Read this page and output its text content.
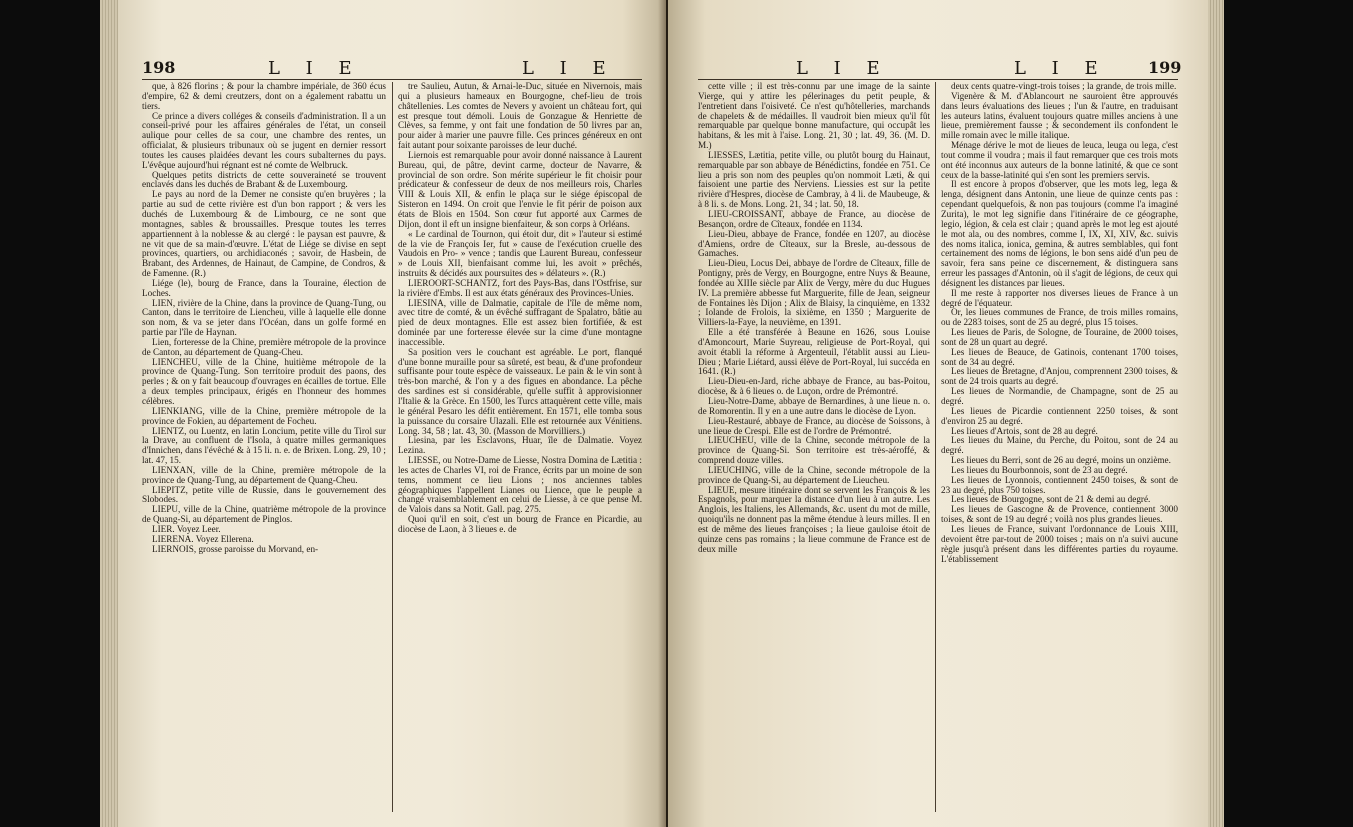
198	L I E	L I E

que, à 826 florins ; & pour la chambre impériale, de 360 écus d'empire, 62 & demi creutzers, dont on a également rabattu un tiers.

Ce prince a divers colléges & conseils d'administration. Il a un conseil-privé pour les affaires générales de l'état, un conseil aulique pour celles de sa cour, une chambre des rentes, un officialat, & plusieurs tribunaux où se jugent en dernier ressort toutes les causes plaidées devant les cours subalternes du pays. L'évêque aujourd'hui régnant est né comte de Welbruck.

Quelques petits districts de cette souveraineté se trouvent enclavés dans les duchés de Brabant & de Luxembourg.

Le pays au nord de la Demer ne consiste qu'en bruyères ; la partie au sud de cette rivière est d'un bon rapport ; & vers les duchés de Luxembourg & de Limbourg, ce ne sont que montagnes, sables & broussailles. Presque toutes les terres appartiennent à la noblesse & au clergé : le paysan est pauvre, & ne vit que de sa main-d'œuvre. L'état de Liége se divise en sept provinces, quartiers, ou archidiaconés ; savoir, de Hasbein, de Brabant, des Ardennes, de Hainaut, de Campine, de Condros, & de Famenne. (R.)

Liége (le), bourg de France, dans la Touraine, élection de Loches.

LIEN, rivière de la Chine, dans la province de Quang-Tung, ou Canton, dans le territoire de Liencheu, ville à laquelle elle donne son nom, & va se jeter dans l'Océan, dans un golfe formé en partie par l'île de Haynan.

Lien, forteresse de la Chine, première métropole de la province de Canton, au département de Quang-Cheu.

LIENCHEU, ville de la Chine, huitième métropole de la province de Quang-Tung. Son territoire produit des paons, des perles ; & on y fait beaucoup d'ouvrages en écailles de tortue. Elle a deux temples principaux, érigés en l'honneur des hommes célèbres.

LIENKIANG, ville de la Chine, première métropole de la province de Fokien, au département de Focheu.

LIENTZ, ou Luentz, en latin Loncium, petite ville du Tirol sur la Drave, au confluent de l'Isola, à quatre milles germaniques d'Innichen, dans l'évêché & à 15 li. n. e. de Brixen. Long. 29, 10 ; lat. 47, 15.

LIENXAN, ville de la Chine, première métropole de la province de Quang-Tung, au département de Quang-Cheu.

LIEPITZ, petite ville de Russie, dans le gouvernement des Slobodes.

LIEPU, ville de la Chine, quatrième métropole de la province de Quang-Si, au département de Pinglos.

LIER. Voyez Leer.

LIERENA. Voyez Ellerena.

LIERNOIS, grosse paroisse du Morvand, en-

tre Saulieu, Autun, & Arnai-le-Duc, située en Nivernois, mais qui a plusieurs hameaux en Bourgogne, chef-lieu de trois châtellenies. Les comtes de Nevers y avoient un château fort, qui est presque tout démoli. Louis de Gonzague & Henriette de Clèves, sa femme, y ont fait une fondation de 50 livres par an, pour aider à marier une pauvre fille. Ces princes généreux en ont fait autant pour soixante paroisses de leur duché.

Liernois est remarquable pour avoir donné naissance à Laurent Bureau, qui, de pâtre, devint carme, docteur de Navarre, & provincial de son ordre. Son mérite supérieur le fit choisir pour prédicateur & confesseur de deux de nos meilleurs rois, Charles VIII & Louis XII, & enfin le plaça sur le siége épiscopal de Sisteron en 1494. On croit que l'envie le fit périr de poison aux états de Blois en 1504. Son cœur fut apporté aux Carmes de Dijon, dont il eft un insigne bienfaiteur, & son corps à Orléans.

« Le cardinal de Tournon, qui étoit dur, dit » l'auteur si estimé de la vie de François Ier, fut » cause de l'exécution cruelle des Vaudois en Pro- » vence ; tandis que Laurent Bureau, confesseur » de Louis XII, bienfaisant comme lui, les avoit » prêchés, instruits & décidés aux poursuites des » délateurs ». (R.)

LIEROORT-SCHANTZ, fort des Pays-Bas, dans l'Ostfrise, sur la rivière d'Embs. Il est aux états généraux des Provinces-Unies.

LIESINA, ville de Dalmatie, capitale de l'île de même nom, avec titre de comté, & un évêché suffragant de Spalatro, bâtie au pied de deux montagnes. Elle est assez bien fortifiée, & est dominée par une forteresse élevée sur la cime d'une montagne inaccessible.

Sa position vers le couchant est agréable. Le port, flanqué d'une bonne muraille pour sa sûreté, est beau, & d'une profondeur suffisante pour toute espèce de vaisseaux. Le pain & le vin sont à très-bon marché, & l'on y a des figues en abondance. La pêche des sardines est si considérable, qu'elle suffit à approvisionner l'Italie & la Grèce. En 1500, les Turcs attaquèrent cette ville, mais le général Pesaro les défit entièrement. En 1571, elle tomba sous la puissance du corsaire Ulazali. Elle est retournée aux Vénitiens. Long. 34, 58 ; lat. 43, 30. (Masson de Morvilliers.)

Liesina, par les Esclavons, Huar, île de Dalmatie. Voyez Lezina.

LIESSE, ou Notre-Dame de Liesse, Nostra Domina de Lætitia : les actes de Charles VI, roi de France, écrits par un moine de son tems, nomment ce lieu Lions ; nos anciennes tables géographiques l'appellent Lianes ou Lience, que le peuple a changé vraisemblablement en celui de Liesse, à ce que pense M. de Valois dans sa Notit. Gall. pag. 275.

Quoi qu'il en soit, c'est un bourg de France en Picardie, au diocèse de Laon, à 3 lieues e. de

L I E	L I E	199

cette ville ; il est très-connu par une image de la sainte Vierge, qui y attire les pélerinages du petit peuple, & l'entretient dans l'oisiveté. Ce n'est qu'hôtelleries, marchands de chapelets & de médailles. Il vaudroit bien mieux qu'il fût remarquable par quelque bonne manufacture, qui occupât les habitans, & les mit à l'aise. Long. 21, 30 ; lat. 49, 36. (M. D. M.)

LIESSES, Lætitia, petite ville, ou plutôt bourg du Hainaut, remarquable par son abbaye de Bénédictins, fondée en 751. Ce lieu a pris son nom des peuples qu'on nommoit Læti, & qui faisoient une partie des Nerviens. Liessies est sur la petite rivière d'Hespres, diocèse de Cambray, à 4 li. de Maubeuge, & à 8 li. s. de Mons. Long. 21, 34 ; lat. 50, 18.

LIEU-CROISSANT, abbaye de France, au diocèse de Besançon, ordre de Cîteaux, fondée en 1134.

Lieu-Dieu, abbaye de France, fondée en 1207, au diocèse d'Amiens, ordre de Cîteaux, sur la Bresle, au-dessous de Gamaches.

Lieu-Dieu, Locus Dei, abbaye de l'ordre de Cîteaux, fille de Pontigny, près de Vergy, en Bourgogne, entre Nuys & Beaune, fondée au XIIIe siècle par Alix de Vergy, mère du duc Hugues IV. La première abbesse fut Marguerite, fille de Jean, seigneur de Fontaines lès Dijon ; Alix de Blaisy, la cinquième, en 1332 ; Iolande de Frolois, la sixième, en 1350 ; Marguerite de Villiers-la-Faye, la neuvième, en 1391.

Elle a été transférée à Beaune en 1626, sous Louise d'Amoncourt, Marie Suyreau, religieuse de Port-Royal, qui avoit établi la réforme à Argenteuil, l'établit aussi au Lieu-Dieu ; Marie Liétard, aussi élève de Port-Royal, lui succéda en 1641. (R.)

Lieu-Dieu-en-Jard, riche abbaye de France, au bas-Poitou, diocèse, & à 6 lieues o. de Luçon, ordre de Prémontré.

Lieu-Notre-Dame, abbaye de Bernardines, à une lieue n. o. de Romorentin. Il y en a une autre dans le diocèse de Lyon.

Lieu-Restauré, abbaye de France, au diocèse de Soissons, à une lieue de Crespi. Elle est de l'ordre de Prémontré.

LIEUCHEU, ville de la Chine, seconde métropole de la province de Quang-Si. Son territoire est très-aéroffé, & comprend douze villes.

LIEUCHING, ville de la Chine, seconde métropole de la province de Quang-Si, au département de Lieucheu.

LIEUE, mesure itinéraire dont se servent les François & les Espagnols, pour marquer la distance d'un lieu à un autre. Les Anglois, les Italiens, les Allemands, &c. usent du mot de mille, quoiqu'ils ne donnent pas la même étendue à leurs milles. Il en est de même des lieues françoises ; la lieue gauloise étoit de quinze cens pas romains ; la lieue commune de France est de deux mille

deux cents quatre-vingt-trois toises ; la grande, de trois mille.

Vigenère & M. d'Ablancourt ne sauroient être approuvés dans leurs évaluations des lieues ; l'un & l'autre, en traduisant les auteurs latins, évaluent toujours quatre milles anciens à une lieue, premièrement fausse ; & secondement ils confondent le mille romain avec le mille italique.

Ménage dérive le mot de lieues de leuca, leuga ou lega, c'est tout comme il voudra ; mais il faut remarquer que ces trois mots ont été inconnus aux auteurs de la bonne latinité, & que ce sont ceux de la basse-latinité qui s'en sont les premiers servis.

Il est encore à propos d'observer, que les mots leg, lega & lenga, désignent dans Antonin, une lieue de quinze cents pas : cependant quelquefois, & non pas toujours (comme l'a imaginé Zurita), le mot leg signifie dans l'itinéraire de ce géographe, legio, légion, & cela est clair ; quand après le mot leg est ajouté le mot ala, ou des nombres, comme I, IX, XI, XIV, &c. suivis des noms italica, ionica, gemina, & autres semblables, qui font certainement des noms de légions, le bon sens aidé d'un peu de savoir, fera sans peine ce discernement, & distinguera sans erreur les passages d'Antonin, où il s'agit de légions, de ceux qui désignent les distances par lieues.

Il me reste à rapporter nos diverses lieues de France à un degré de l'équateur.

Or, les lieues communes de France, de trois milles romains, ou de 2283 toises, sont de 25 au degré, plus 15 toises.

Les lieues de Paris, de Sologne, de Touraine, de 2000 toises, sont de 28 un quart au degré.

Les lieues de Beauce, de Gatinois, contenant 1700 toises, sont de 34 au degré.

Les lieues de Bretagne, d'Anjou, comprennent 2300 toises, & sont de 24 trois quarts au degré.

Les lieues de Normandie, de Champagne, sont de 25 au degré.

Les lieues de Picardie contiennent 2250 toises, & sont d'environ 25 au degré.

Les lieues d'Artois, sont de 28 au degré.

Les lieues du Maine, du Perche, du Poitou, sont de 24 au degré.

Les lieues du Berri, sont de 26 au degré, moins un onzième.

Les lieues du Bourbonnois, sont de 23 au degré.

Les lieues de Lyonnois, contiennent 2450 toises, & sont de 23 au degré, plus 750 toises.

Les lieues de Bourgogne, sont de 21 & demi au degré.

Les lieues de Gascogne & de Provence, contiennent 3000 toises, & sont de 19 au degré ; voilà nos plus grandes lieues.

Les lieues de France, suivant l'ordonnance de Louis XIII, devoient être par-tout de 2000 toises ; mais on n'a suivi aucune règle jusqu'à présent dans les différentes parties du royaume. L'établissement
